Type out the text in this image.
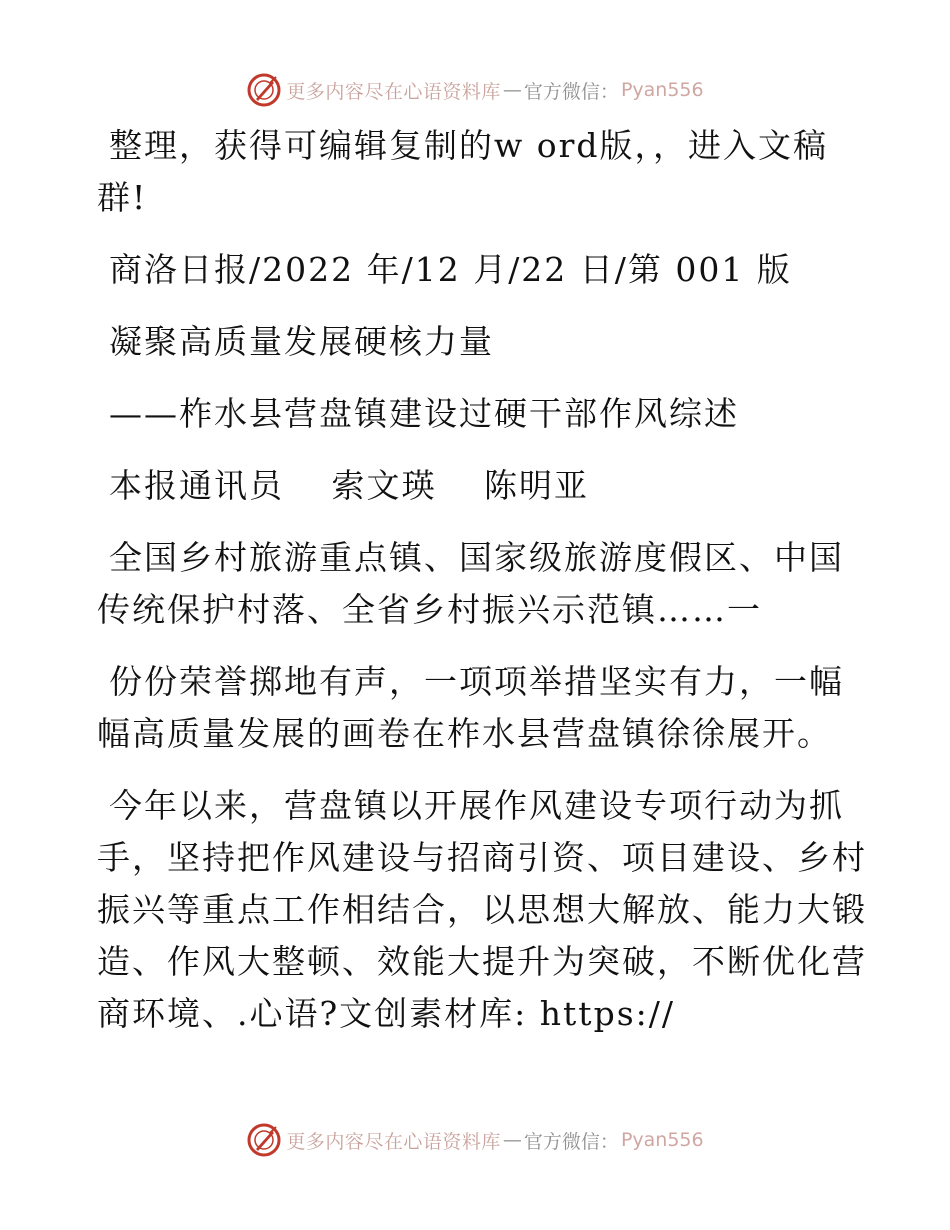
更多内容尽在心语资料库 — 官方微信： Pyan556

整理，获得可编辑复制的w ord版，，进入文稿群!

商洛日报/2022 年/12 月/22 日/第 001 版

凝聚高质量发展硬核力量

——柞水县营盘镇建设过硬干部作风综述

本报通讯员　 索文瑛　 陈明亚

全国乡村旅游重点镇、国家级旅游度假区、中国传统保护村落、全省乡村振兴示范镇……一

份份荣誉掷地有声，一项项举措坚实有力，一幅幅高质量发展的画卷在柞水县营盘镇徐徐展开。

今年以来，营盘镇以开展作风建设专项行动为抓手，坚持把作风建设与招商引资、项目建设、乡村振兴等重点工作相结合，以思想大解放、能力大锻造、作风大整顿、效能大提升为突破，不断优化营商环境、.心语?文创素材库: https://

更多内容尽在心语资料库 — 官方微信： Pyan556
